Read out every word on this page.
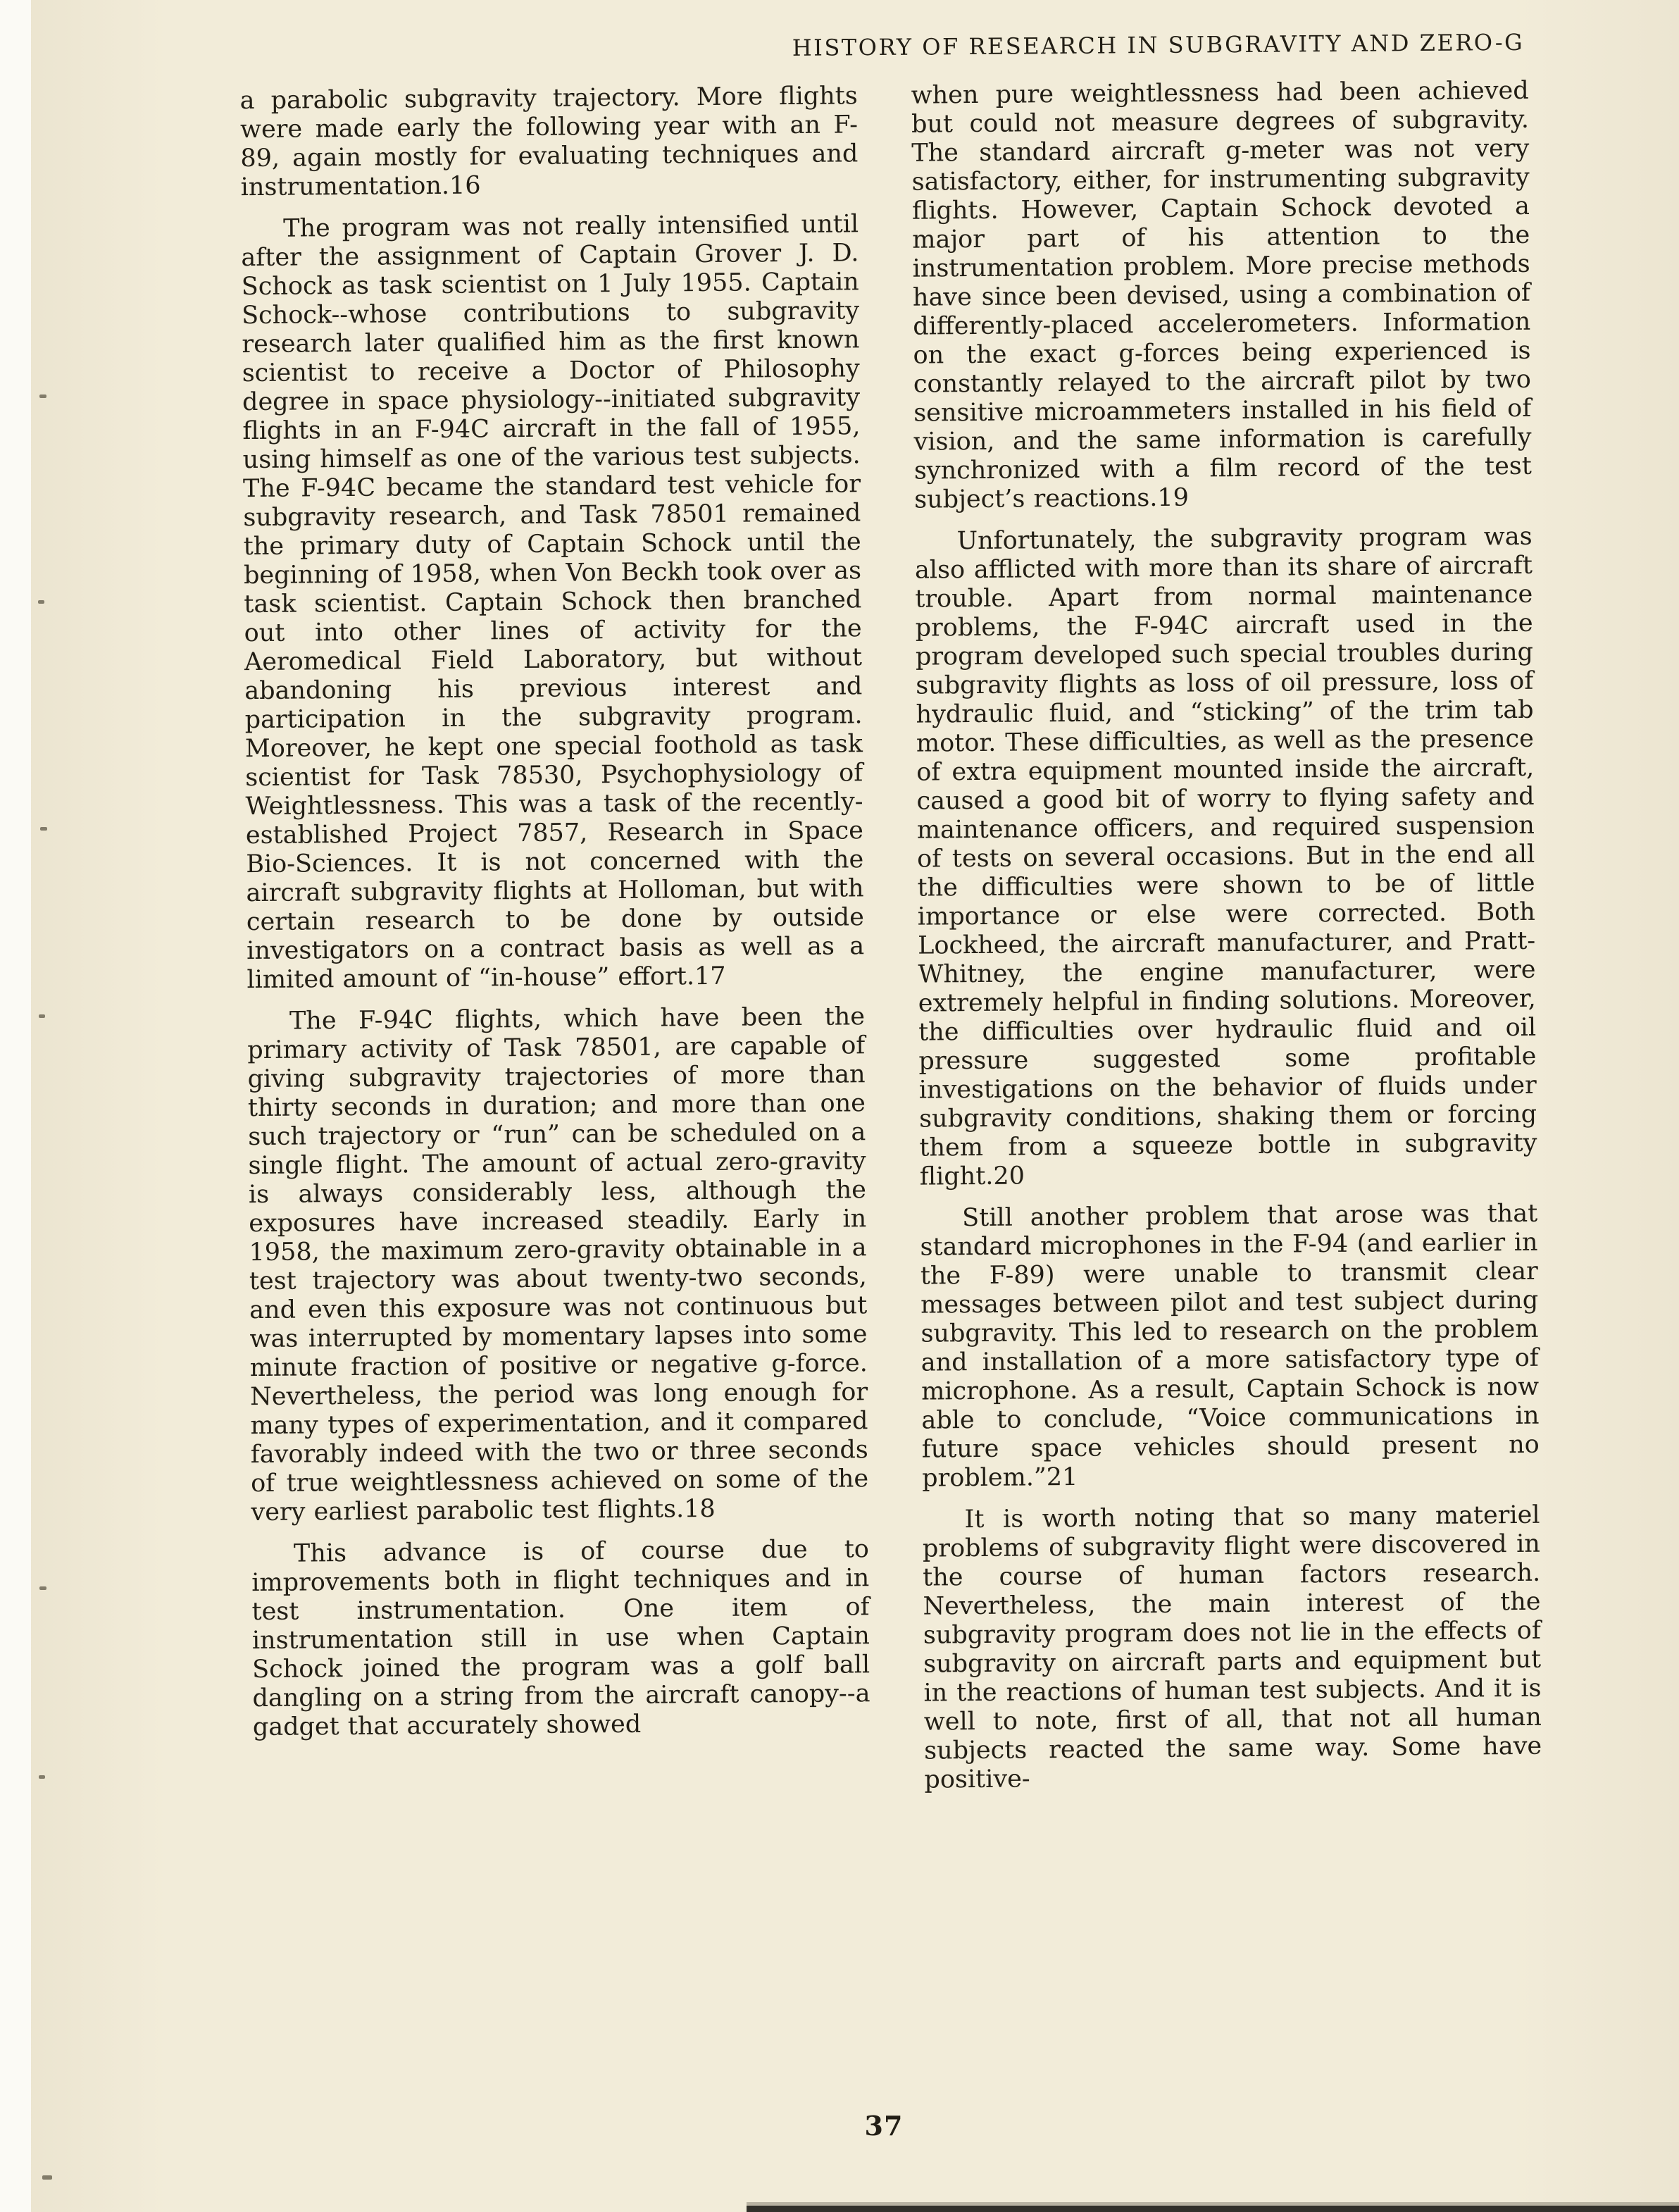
HISTORY OF RESEARCH IN SUBGRAVITY AND ZERO-G

a parabolic subgravity trajectory. More flights were made early the following year with an F-89, again mostly for evaluating techniques and instrumentation.16

The program was not really intensified until after the assignment of Captain Grover J. D. Schock as task scientist on 1 July 1955. Captain Schock--whose contributions to subgravity research later qualified him as the first known scientist to receive a Doctor of Philosophy degree in space physiology--initiated subgravity flights in an F-94C aircraft in the fall of 1955, using himself as one of the various test subjects. The F-94C became the standard test vehicle for subgravity research, and Task 78501 remained the primary duty of Captain Schock until the beginning of 1958, when Von Beckh took over as task scientist. Captain Schock then branched out into other lines of activity for the Aeromedical Field Laboratory, but without abandoning his previous interest and participation in the subgravity program. Moreover, he kept one special foothold as task scientist for Task 78530, Psychophysiology of Weightlessness. This was a task of the recently-established Project 7857, Research in Space Bio-Sciences. It is not concerned with the aircraft subgravity flights at Holloman, but with certain research to be done by outside investigators on a contract basis as well as a limited amount of “in-house” effort.17

The F-94C flights, which have been the primary activity of Task 78501, are capable of giving subgravity trajectories of more than thirty seconds in duration; and more than one such trajectory or “run” can be scheduled on a single flight. The amount of actual zero-gravity is always considerably less, although the exposures have increased steadily. Early in 1958, the maximum zero-gravity obtainable in a test trajectory was about twenty-two seconds, and even this exposure was not continuous but was interrupted by momentary lapses into some minute fraction of positive or negative g-force. Nevertheless, the period was long enough for many types of experimentation, and it compared favorably indeed with the two or three seconds of true weightlessness achieved on some of the very earliest parabolic test flights.18

This advance is of course due to improvements both in flight techniques and in test instrumentation. One item of instrumentation still in use when Captain Schock joined the program was a golf ball dangling on a string from the aircraft canopy--a gadget that accurately showed

when pure weightlessness had been achieved but could not measure degrees of subgravity. The standard aircraft g-meter was not very satisfactory, either, for instrumenting subgravity flights. However, Captain Schock devoted a major part of his attention to the instrumentation problem. More precise methods have since been devised, using a combination of differently-placed accelerometers. Information on the exact g-forces being experienced is constantly relayed to the aircraft pilot by two sensitive microammeters installed in his field of vision, and the same information is carefully synchronized with a film record of the test subject’s reactions.19

Unfortunately, the subgravity program was also afflicted with more than its share of aircraft trouble. Apart from normal maintenance problems, the F-94C aircraft used in the program developed such special troubles during subgravity flights as loss of oil pressure, loss of hydraulic fluid, and “sticking” of the trim tab motor. These difficulties, as well as the presence of extra equipment mounted inside the aircraft, caused a good bit of worry to flying safety and maintenance officers, and required suspension of tests on several occasions. But in the end all the difficulties were shown to be of little importance or else were corrected. Both Lockheed, the aircraft manufacturer, and Pratt-Whitney, the engine manufacturer, were extremely helpful in finding solutions. Moreover, the difficulties over hydraulic fluid and oil pressure suggested some profitable investigations on the behavior of fluids under subgravity conditions, shaking them or forcing them from a squeeze bottle in subgravity flight.20

Still another problem that arose was that standard microphones in the F-94 (and earlier in the F-89) were unable to transmit clear messages between pilot and test subject during subgravity. This led to research on the problem and installation of a more satisfactory type of microphone. As a result, Captain Schock is now able to conclude, “Voice communications in future space vehicles should present no problem.”21

It is worth noting that so many materiel problems of subgravity flight were discovered in the course of human factors research. Nevertheless, the main interest of the subgravity program does not lie in the effects of subgravity on aircraft parts and equipment but in the reactions of human test subjects. And it is well to note, first of all, that not all human subjects reacted the same way. Some have positive-

37
